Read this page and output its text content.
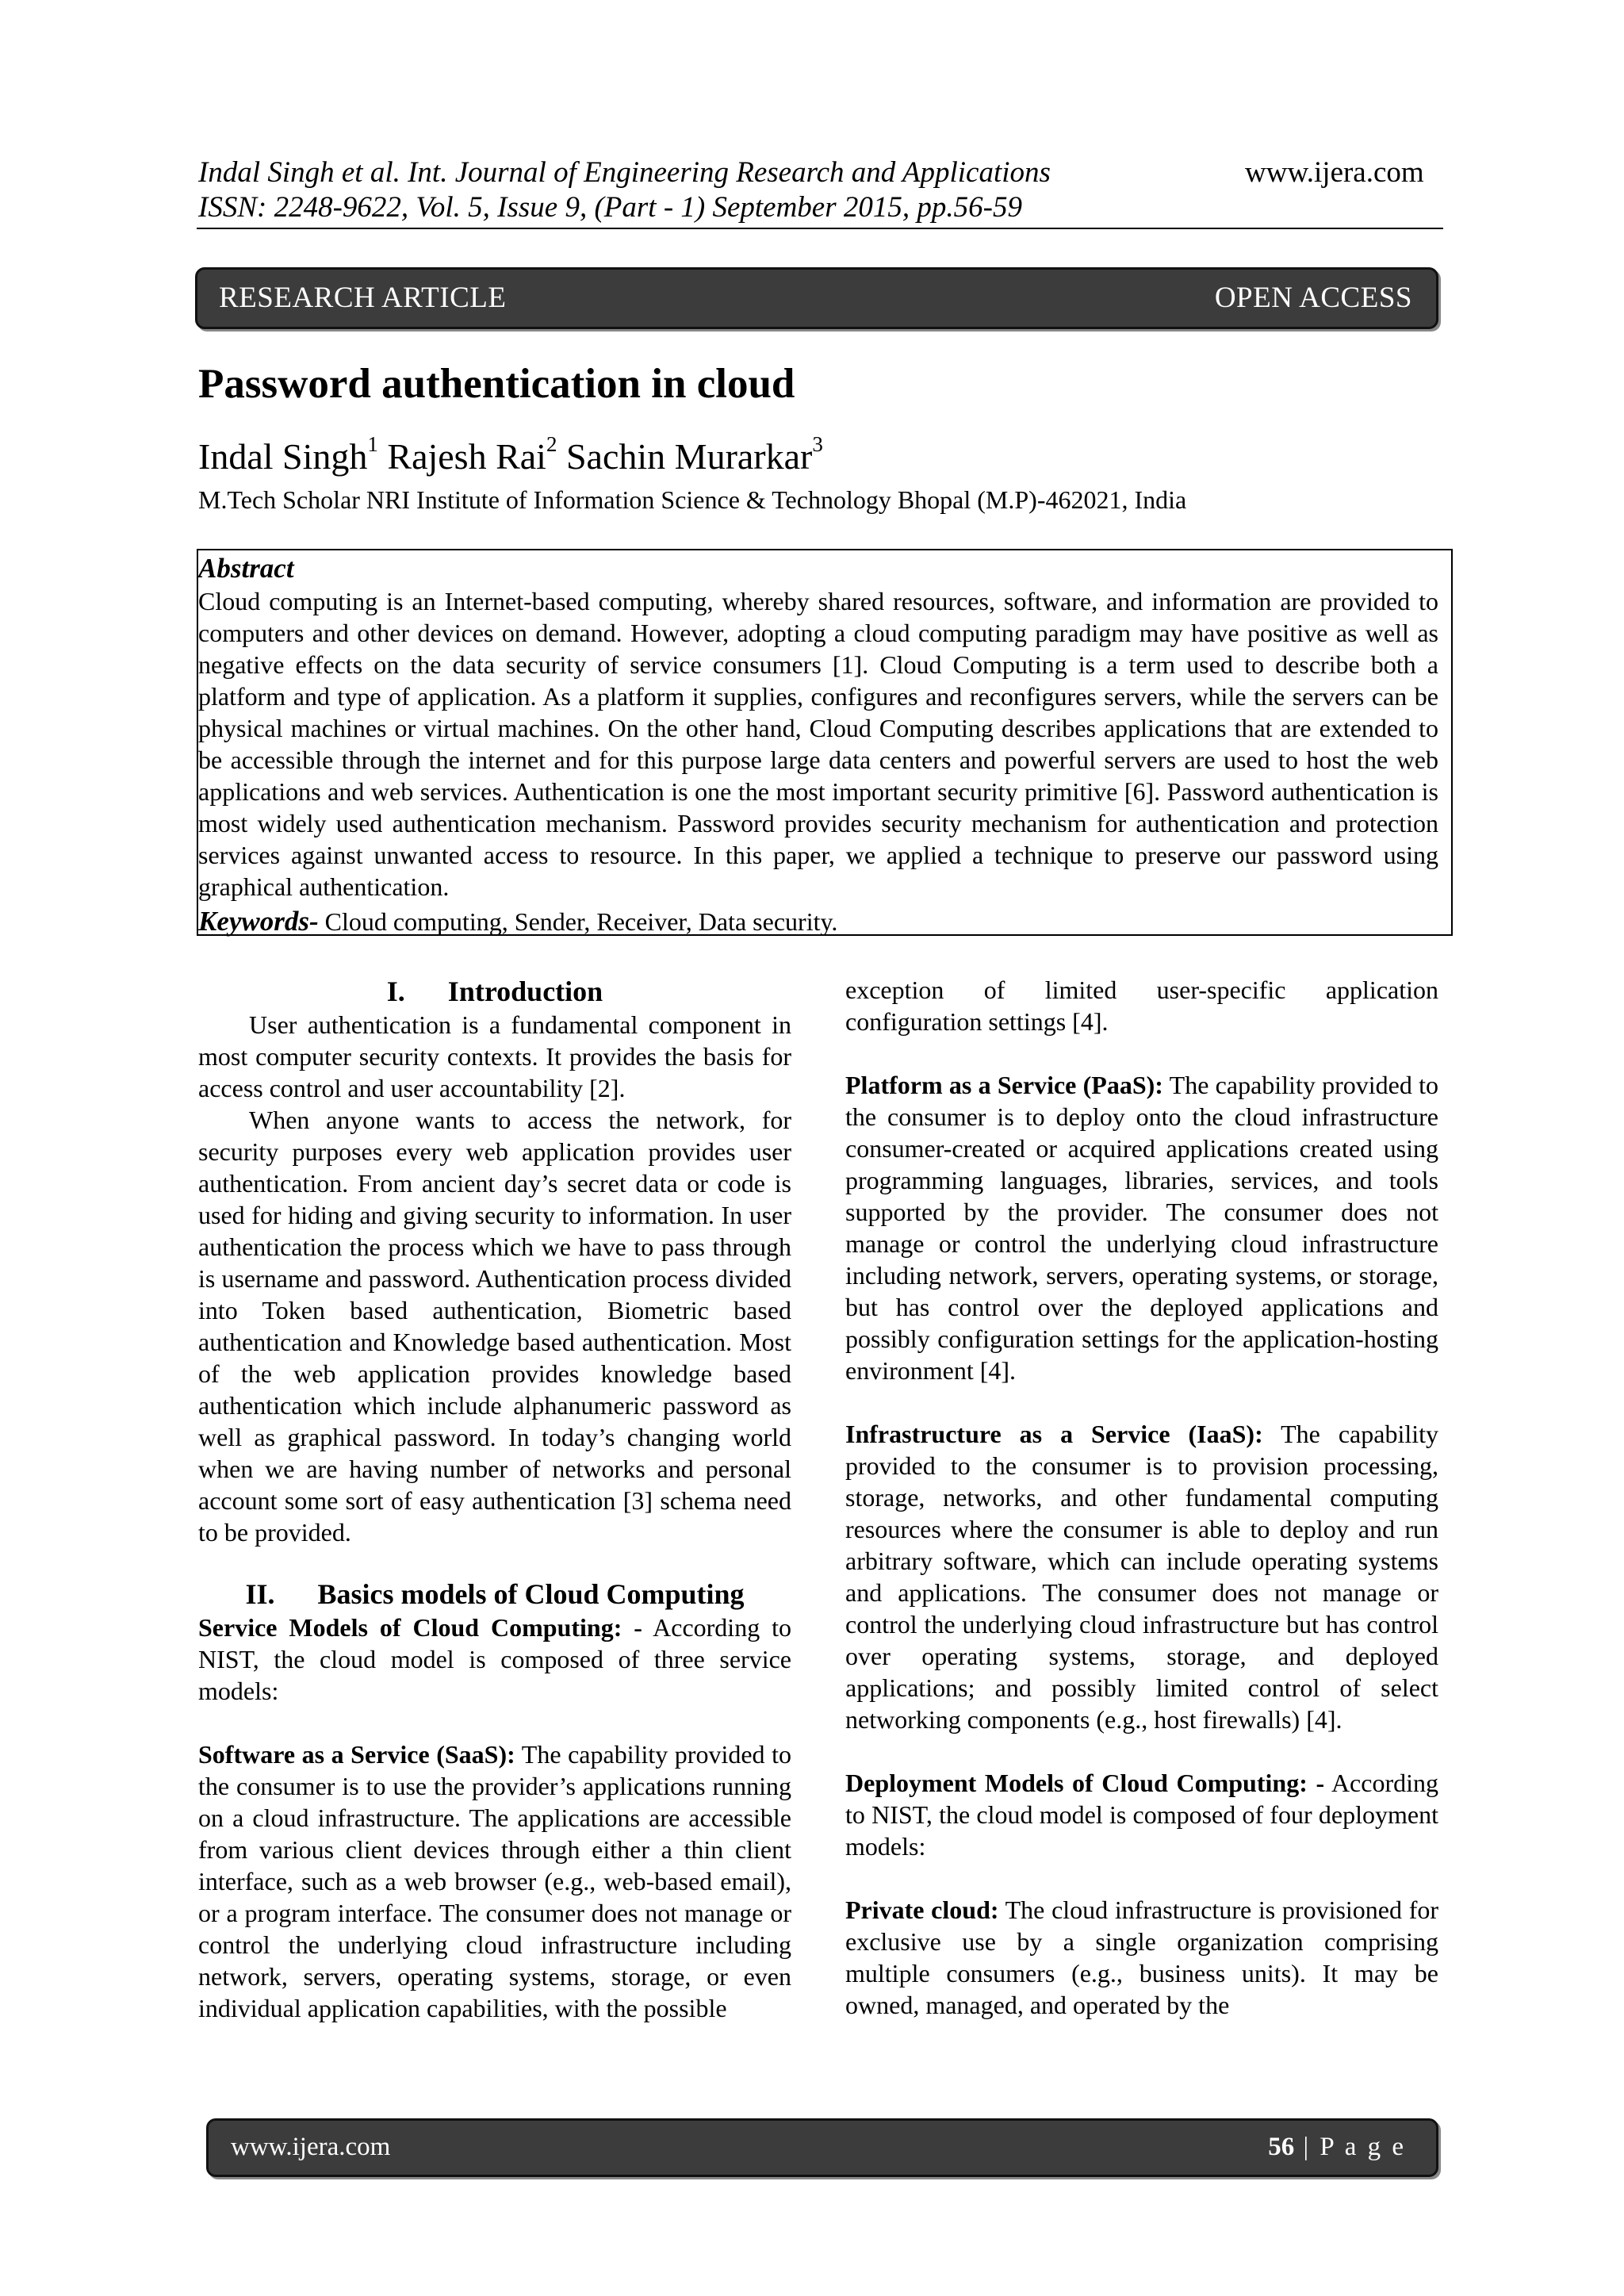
Indal Singh et al. Int. Journal of Engineering Research and Applications
ISSN: 2248-9622, Vol. 5, Issue 9, (Part - 1) September 2015, pp.56-59
www.ijera.com
RESEARCH ARTICLE	OPEN ACCESS
Password authentication in cloud
Indal Singh$^1$ Rajesh Rai$^2$ Sachin Murarkar$^3$
M.Tech Scholar NRI Institute of Information Science & Technology Bhopal (M.P)-462021, India
Abstract
Cloud computing is an Internet-based computing, whereby shared resources, software, and information are provided to computers and other devices on demand. However, adopting a cloud computing paradigm may have positive as well as negative effects on the data security of service consumers [1]. Cloud Computing is a term used to describe both a platform and type of application. As a platform it supplies, configures and reconfigures servers, while the servers can be physical machines or virtual machines. On the other hand, Cloud Computing describes applications that are extended to be accessible through the internet and for this purpose large data centers and powerful servers are used to host the web applications and web services. Authentication is one the most important security primitive [6]. Password authentication is most widely used authentication mechanism. Password provides security mechanism for authentication and protection services against unwanted access to resource. In this paper, we applied a technique to preserve our password using graphical authentication.
Keywords- Cloud computing, Sender, Receiver, Data security.

I.      Introduction

User authentication is a fundamental component in most computer security contexts. It provides the basis for access control and user accountability [2].

When anyone wants to access the network, for security purposes every web application provides user authentication. From ancient day’s secret data or code is used for hiding and giving security to information. In user authentication the process which we have to pass through is username and password. Authentication process divided into Token based authentication, Biometric based authentication and Knowledge based authentication. Most of the web application provides knowledge based authentication which include alphanumeric password as well as graphical password. In today’s changing world when we are having number of networks and personal account some sort of easy authentication [3] schema need to be provided.

II.      Basics models of Cloud Computing

Service Models of Cloud Computing: - According to NIST, the cloud model is composed of three service models:

Software as a Service (SaaS): The capability provided to the consumer is to use the provider’s applications running on a cloud infrastructure. The applications are accessible from various client devices through either a thin client interface, such as a web browser (e.g., web-based email), or a program interface. The consumer does not manage or control the underlying cloud infrastructure including network, servers, operating systems, storage, or even individual application capabilities, with the possible

exception of limited user-specific application configuration settings [4].

Platform as a Service (PaaS): The capability provided to the consumer is to deploy onto the cloud infrastructure consumer-created or acquired applications created using programming languages, libraries, services, and tools supported by the provider. The consumer does not manage or control the underlying cloud infrastructure including network, servers, operating systems, or storage, but has control over the deployed applications and possibly configuration settings for the application-hosting environment [4].

Infrastructure as a Service (IaaS): The capability provided to the consumer is to provision processing, storage, networks, and other fundamental computing resources where the consumer is able to deploy and run arbitrary software, which can include operating systems and applications. The consumer does not manage or control the underlying cloud infrastructure but has control over operating systems, storage, and deployed applications; and possibly limited control of select networking components (e.g., host firewalls) [4].

Deployment Models of Cloud Computing: - According to NIST, the cloud model is composed of four deployment models:

Private cloud: The cloud infrastructure is provisioned for exclusive use by a single organization comprising multiple consumers (e.g., business units). It may be owned, managed, and operated by the

www.ijera.com	56 | P a g e
